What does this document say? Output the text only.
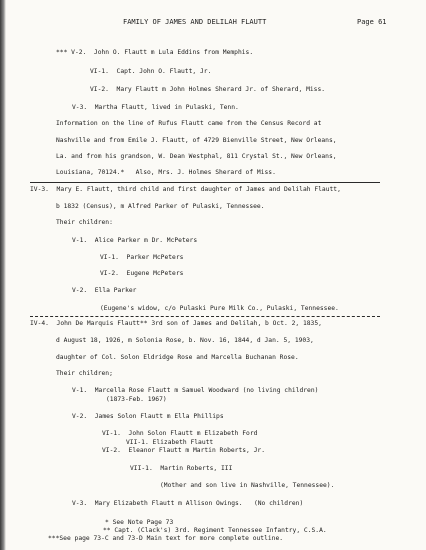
FAMILY OF JAMES AND DELILAH FLAUTT	Page 61
*** V-2.  John O. Flautt m Lula Eddins from Memphis.
VI-1.  Capt. John O. Flautt, Jr.
VI-2.  Mary Flautt m John Holmes Sherard Jr. of Sherard, Miss.
V-3.  Martha Flautt, lived in Pulaski, Tenn.
Information on the line of Rufus Flautt came from the Census Record at
Nashville and from Emile J. Flautt, of 4729 Bienville Street, New Orleans,
La. and from his grandson, W. Dean Westphal, 811 Crystal St., New Orleans,
Louisiana, 70124.*   Also, Mrs. J. Holmes Sherard of Miss.
IV-3.  Mary E. Flautt, third child and first daughter of James and Delilah Flautt,
b 1832 (Census), m Alfred Parker of Pulaski, Tennessee.
Their children:
V-1.  Alice Parker m Dr. McPeters
VI-1.  Parker McPeters
VI-2.  Eugene McPeters
V-2.  Ella Parker
(Eugene's widow, c/o Pulaski Pure Milk Co., Pulaski, Tennessee.
IV-4.  John De Marquis Flautt** 3rd son of James and Delilah, b Oct. 2, 1835,
d August 18, 1926, m Solonia Rose, b. Nov. 16, 1844, d Jan. 5, 1903,
daughter of Col. Solon Eldridge Rose and Marcella Buchanan Rose.
Their children;
V-1.  Marcella Rose Flautt m Samuel Woodward (no living children)
(1873-Feb. 1967)
V-2.  James Solon Flautt m Ella Phillips
VI-1.  John Solon Flautt m Elizabeth Ford
VII-1. Elizabeth Flautt
VI-2.  Eleanor Flautt m Martin Roberts, Jr.
VII-1.  Martin Roberts, III
(Mother and son live in Nashville, Tennessee).
V-3.  Mary Elizabeth Flautt m Allison Owings.   (No children)
* See Note Page 73
** Capt. (Clack's) 3rd. Regiment Tennessee Infantry, C.S.A.
***See page 73-C and 73-D Main text for more complete outline.
